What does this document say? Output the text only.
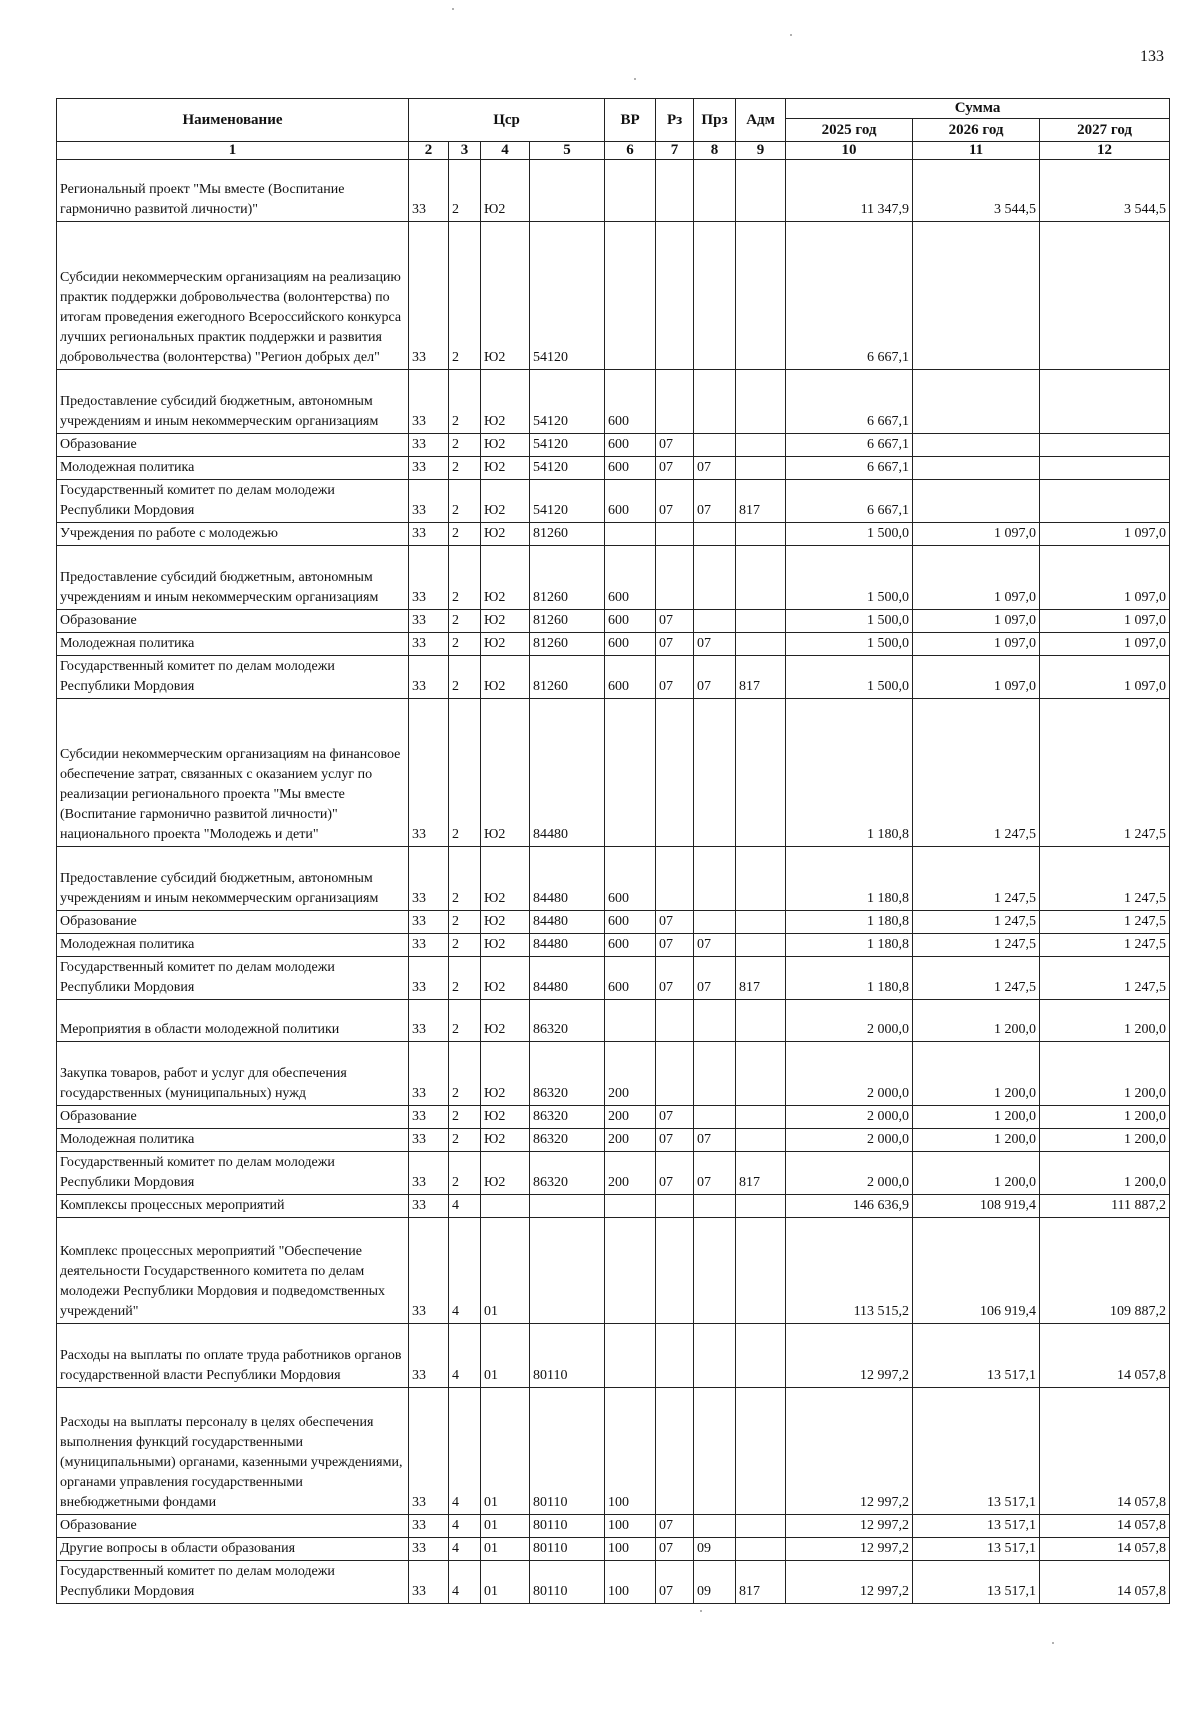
133
Наименование	Цср				ВР	Рз	Прз	Адм	Сумма		
									2025 год	2026 год	2027 год
1	2	3	4	5	6	7	8	9	10	11	12
Региональный проект "Мы вместе (Воспитание гармонично развитой личности)"	33	2	Ю2						11 347,9	3 544,5	3 544,5
Субсидии некоммерческим организациям на реализацию практик поддержки добровольчества (волонтерства) по итогам проведения ежегодного Всероссийского конкурса лучших региональных практик поддержки и развития добровольчества (волонтерства) "Регион добрых дел"	33	2	Ю2	54120					6 667,1		
Предоставление субсидий бюджетным, автономным учреждениям и иным некоммерческим организациям	33	2	Ю2	54120	600				6 667,1		
Образование	33	2	Ю2	54120	600	07			6 667,1		
Молодежная политика	33	2	Ю2	54120	600	07	07		6 667,1		
Государственный комитет по делам молодежи Республики Мордовия	33	2	Ю2	54120	600	07	07	817	6 667,1		
Учреждения по работе с молодежью	33	2	Ю2	81260					1 500,0	1 097,0	1 097,0
Предоставление субсидий бюджетным, автономным учреждениям и иным некоммерческим организациям	33	2	Ю2	81260	600				1 500,0	1 097,0	1 097,0
Образование	33	2	Ю2	81260	600	07			1 500,0	1 097,0	1 097,0
Молодежная политика	33	2	Ю2	81260	600	07	07		1 500,0	1 097,0	1 097,0
Государственный комитет по делам молодежи Республики Мордовия	33	2	Ю2	81260	600	07	07	817	1 500,0	1 097,0	1 097,0
Субсидии некоммерческим организациям на финансовое обеспечение затрат, связанных с оказанием услуг по реализации регионального проекта "Мы вместе (Воспитание гармонично развитой личности)" национального проекта "Молодежь и дети"	33	2	Ю2	84480					1 180,8	1 247,5	1 247,5
Предоставление субсидий бюджетным, автономным учреждениям и иным некоммерческим организациям	33	2	Ю2	84480	600				1 180,8	1 247,5	1 247,5
Образование	33	2	Ю2	84480	600	07			1 180,8	1 247,5	1 247,5
Молодежная политика	33	2	Ю2	84480	600	07	07		1 180,8	1 247,5	1 247,5
Государственный комитет по делам молодежи Республики Мордовия	33	2	Ю2	84480	600	07	07	817	1 180,8	1 247,5	1 247,5
Мероприятия в области молодежной политики	33	2	Ю2	86320					2 000,0	1 200,0	1 200,0
Закупка товаров, работ и услуг для обеспечения государственных (муниципальных) нужд	33	2	Ю2	86320	200				2 000,0	1 200,0	1 200,0
Образование	33	2	Ю2	86320	200	07			2 000,0	1 200,0	1 200,0
Молодежная политика	33	2	Ю2	86320	200	07	07		2 000,0	1 200,0	1 200,0
Государственный комитет по делам молодежи Республики Мордовия	33	2	Ю2	86320	200	07	07	817	2 000,0	1 200,0	1 200,0
Комплексы процессных мероприятий	33	4							146 636,9	108 919,4	111 887,2
Комплекс процессных мероприятий "Обеспечение деятельности Государственного комитета по делам молодежи Республики Мордовия и подведомственных учреждений"	33	4	01						113 515,2	106 919,4	109 887,2
Расходы на выплаты по оплате труда работников органов государственной власти Республики Мордовия	33	4	01	80110					12 997,2	13 517,1	14 057,8
Расходы на выплаты персоналу в целях обеспечения выполнения функций государственными (муниципальными) органами, казенными учреждениями, органами управления государственными внебюджетными фондами	33	4	01	80110	100				12 997,2	13 517,1	14 057,8
Образование	33	4	01	80110	100	07			12 997,2	13 517,1	14 057,8
Другие вопросы в области образования	33	4	01	80110	100	07	09		12 997,2	13 517,1	14 057,8
Государственный комитет по делам молодежи Республики Мордовия	33	4	01	80110	100	07	09	817	12 997,2	13 517,1	14 057,8
